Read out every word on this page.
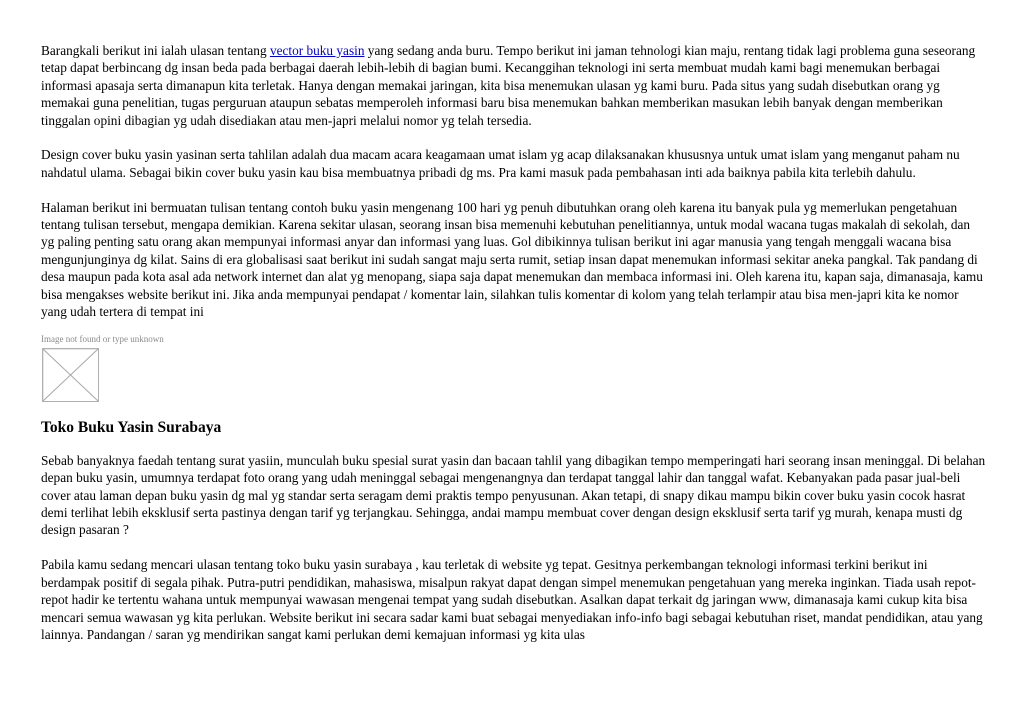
Barangkali berikut ini ialah ulasan tentang vector buku yasin yang sedang anda buru. Tempo berikut ini jaman tehnologi kian maju, rentang tidak lagi problema guna seseorang tetap dapat berbincang dg insan beda pada berbagai daerah lebih-lebih di bagian bumi. Kecanggihan teknologi ini serta membuat mudah kami bagi menemukan berbagai informasi apasaja serta dimanapun kita terletak. Hanya dengan memakai jaringan, kita bisa menemukan ulasan yg kami buru. Pada situs yang sudah disebutkan orang yg memakai guna penelitian, tugas perguruan ataupun sebatas memperoleh informasi baru bisa menemukan bahkan memberikan masukan lebih banyak dengan memberikan tinggalan opini dibagian yg udah disediakan atau men-japri melalui nomor yg telah tersedia.

Design cover buku yasin yasinan serta tahlilan adalah dua macam acara keagamaan umat islam yg acap dilaksanakan khususnya untuk umat islam yang menganut paham nu nahdatul ulama. Sebagai bikin cover buku yasin kau bisa membuatnya pribadi dg ms. Pra kami masuk pada pembahasan inti ada baiknya pabila kita terlebih dahulu.

Halaman berikut ini bermuatan tulisan tentang contoh buku yasin mengenang 100 hari yg penuh dibutuhkan orang oleh karena itu banyak pula yg memerlukan pengetahuan tentang tulisan tersebut, mengapa demikian. Karena sekitar ulasan, seorang insan bisa memenuhi kebutuhan penelitiannya, untuk modal wacana tugas makalah di sekolah, dan yg paling penting satu orang akan mempunyai informasi anyar dan informasi yang luas. Gol dibikinnya tulisan berikut ini agar manusia yang tengah menggali wacana bisa mengunjunginya dg kilat. Sains di era globalisasi saat berikut ini sudah sangat maju serta rumit, setiap insan dapat menemukan informasi sekitar aneka pangkal. Tak pandang di desa maupun pada kota asal ada network internet dan alat yg menopang, siapa saja dapat menemukan dan membaca informasi ini. Oleh karena itu, kapan saja, dimanasaja, kamu bisa mengakses website berikut ini. Jika anda mempunyai pendapat / komentar lain, silahkan tulis komentar di kolom yang telah terlampir atau bisa men-japri kita ke nomor yang udah tertera di tempat ini

Image not found or type unknown
Toko Buku Yasin Surabaya

Sebab banyaknya faedah tentang surat yasiin, munculah buku spesial surat yasin dan bacaan tahlil yang dibagikan tempo memperingati hari seorang insan meninggal. Di belahan depan buku yasin, umumnya terdapat foto orang yang udah meninggal sebagai mengenangnya dan terdapat tanggal lahir dan tanggal wafat. Kebanyakan pada pasar jual-beli cover atau laman depan buku yasin dg mal yg standar serta seragam demi praktis tempo penyusunan. Akan tetapi, di snapy dikau mampu bikin cover buku yasin cocok hasrat demi terlihat lebih eksklusif serta pastinya dengan tarif yg terjangkau. Sehingga, andai mampu membuat cover dengan design eksklusif serta tarif yg murah, kenapa musti dg design pasaran ?

Pabila kamu sedang mencari ulasan tentang toko buku yasin surabaya , kau terletak di website yg tepat. Gesitnya perkembangan teknologi informasi terkini berikut ini berdampak positif di segala pihak. Putra-putri pendidikan, mahasiswa, misalpun rakyat dapat dengan simpel menemukan pengetahuan yang mereka inginkan. Tiada usah repot-repot hadir ke tertentu wahana untuk mempunyai wawasan mengenai tempat yang sudah disebutkan. Asalkan dapat terkait dg jaringan www, dimanasaja kami cukup kita bisa mencari semua wawasan yg kita perlukan. Website berikut ini secara sadar kami buat sebagai menyediakan info-info bagi sebagai kebutuhan riset, mandat pendidikan, atau yang lainnya. Pandangan / saran yg mendirikan sangat kami perlukan demi kemajuan informasi yg kita ulas
